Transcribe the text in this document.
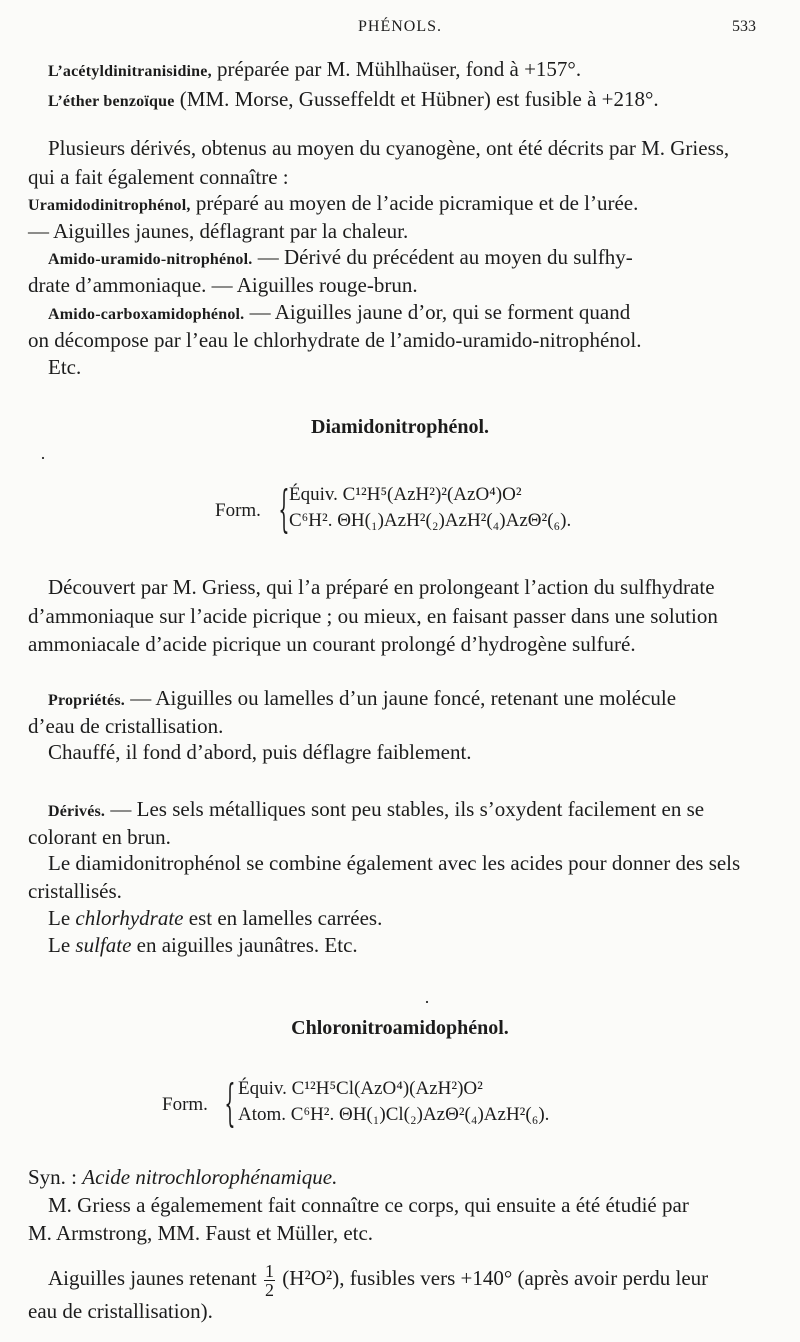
PHÉNOLS.	533
L’acétyldinitranisidine, préparée par M. Mühlhaüser, fond à +157°.
L’éther benzoïque (MM. Morse, Gusseffeldt et Hübner) est fusible à +218°.
Plusieurs dérivés, obtenus au moyen du cyanogène, ont été décrits par M. Griess,
qui a fait également connaître :
Uramidodinitrophénol, préparé au moyen de l’acide picramique et de l’urée.
— Aiguilles jaunes, déflagrant par la chaleur.
Amido-uramido-nitrophénol. — Dérivé du précédent au moyen du sulfhy-
drate d’ammoniaque. — Aiguilles rouge-brun.
Amido-carboxamidophénol. — Aiguilles jaune d’or, qui se forment quand
on décompose par l’eau le chlorhydrate de l’amido-uramido-nitrophénol.
Etc.
Diamidonitrophénol.
·
Form. { Équiv. C¹²H⁵(AzH²)²(AzO⁴)O²
C⁶H². ΘH(₁)AzH²(₂)AzH²(₄)AzΘ²(₆).
Découvert par M. Griess, qui l’a préparé en prolongeant l’action du sulfhydrate
d’ammoniaque sur l’acide picrique ; ou mieux, en faisant passer dans une solution
ammoniacale d’acide picrique un courant prolongé d’hydrogène sulfuré.
Propriétés. — Aiguilles ou lamelles d’un jaune foncé, retenant une molécule
d’eau de cristallisation.
Chauffé, il fond d’abord, puis déflagre faiblement.
Dérivés. — Les sels métalliques sont peu stables, ils s’oxydent facilement en se
colorant en brun.
Le diamidonitrophénol se combine également avec les acides pour donner des sels
cristallisés.
Le chlorhydrate est en lamelles carrées.
Le sulfate en aiguilles jaunâtres. Etc.
·
Chloronitroamidophénol.
Form. { Équiv. C¹²H⁵Cl(AzO⁴)(AzH²)O²
Atom. C⁶H². ΘH(₁)Cl(₂)AzΘ²(₄)AzH²(₆).
Syn. : Acide nitrochlorophénamique.
M. Griess a égalemement fait connaître ce corps, qui ensuite a été étudié par
M. Armstrong, MM. Faust et Müller, etc.
Aiguilles jaunes retenant $\frac{1}{2} (H^2O^2)$, fusibles vers +140° (après avoir perdu leur
eau de cristallisation).
